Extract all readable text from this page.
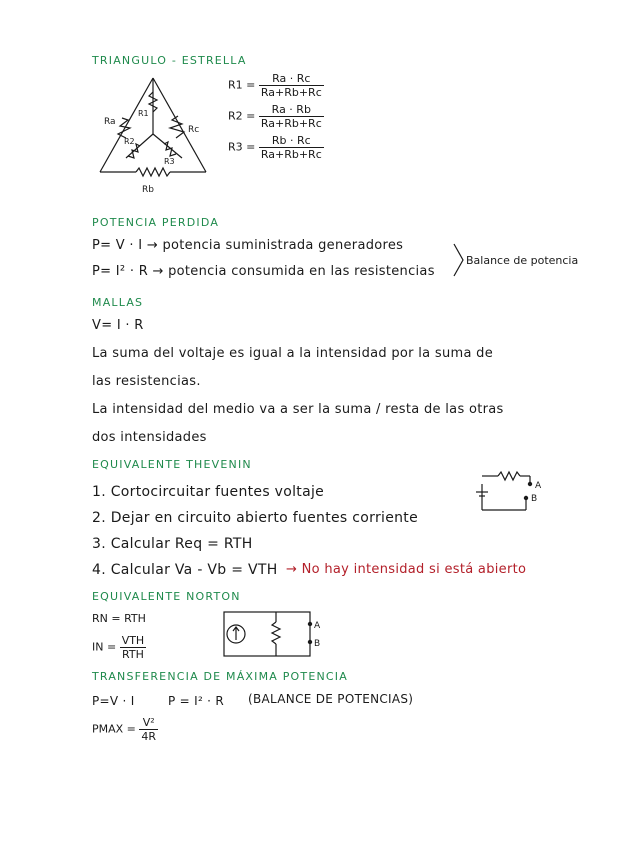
TRIANGULO - ESTRELLA
Ra
Rc
Rb
R1
R2
R3
$R1 = \frac{Ra \cdot Rc}{Ra+Rb+Rc}$
$R2 = \frac{Ra \cdot Rb}{Ra+Rb+Rc}$
$R3 = \frac{Rb \cdot Rc}{Ra+Rb+Rc}$
POTENCIA PERDIDA
P= V · I → potencia suministrada generadores
P= I² · R → potencia consumida en las resistencias
Balance de potencia
MALLAS
V= I · R
La suma del voltaje es igual a la intensidad por la suma de
las resistencias.
La intensidad del medio va a ser la suma / resta de las otras
dos intensidades
EQUIVALENTE THEVENIN
1. Cortocircuitar fuentes voltaje
2. Dejar en circuito abierto fuentes corriente
3. Calcular Req = RTH
4. Calcular Va - Vb = VTH → No hay intensidad si está abierto
A
B
EQUIVALENTE NORTON
RN = RTH
IN = $\frac{\text{VTH}}{\text{RTH}}$
A
B
TRANSFERENCIA DE MÁXIMA POTENCIA
P=V · I	P = I² · R (BALANCE DE POTENCIAS)
PMAX = $\frac{\text{V²}}{4R}$
